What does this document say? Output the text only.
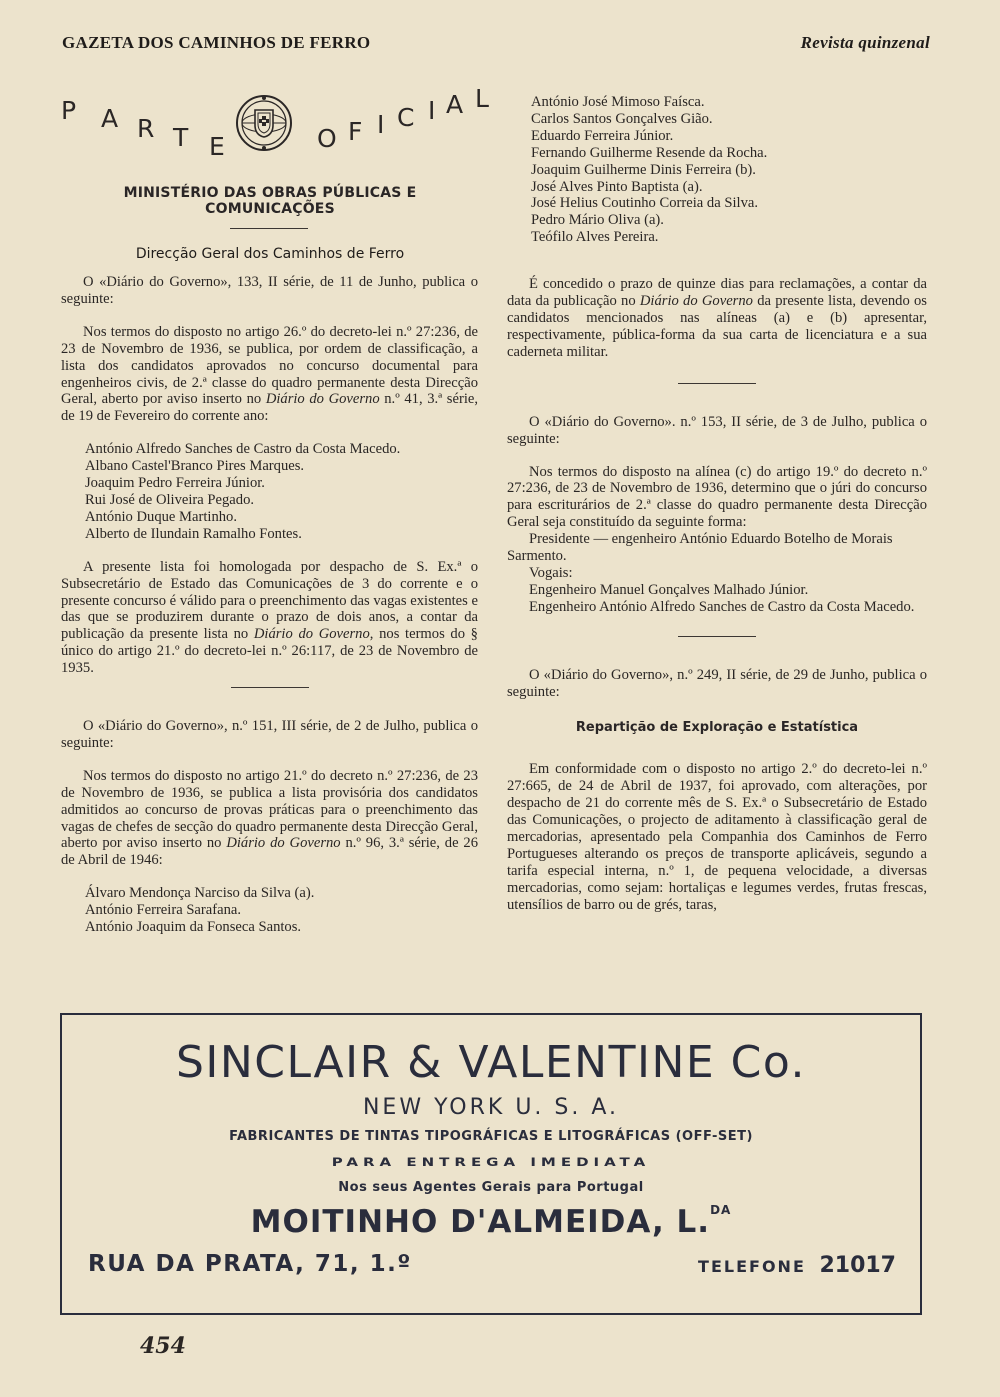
GAZETA DOS CAMINHOS DE FERRO	Revista quinzenal
P A R T E	O F I C I A L
MINISTÉRIO DAS OBRAS PÚBLICAS E COMUNICAÇÕES
Direcção Geral dos Caminhos de Ferro

O «Diário do Governo», 133, II série, de 11 de Junho, publica o seguinte:

Nos termos do disposto no artigo 26.º do decreto-lei n.º 27:236, de 23 de Novembro de 1936, se publica, por ordem de classificação, a lista dos candidatos aprovados no concurso documental para engenheiros civis, de 2.ª classe do quadro permanente desta Direcção Geral, aberto por aviso inserto no Diário do Governo n.º 41, 3.ª série, de 19 de Fevereiro do corrente ano:

António Alfredo Sanches de Castro da Costa Macedo.
Albano Castel'Branco Pires Marques.
Joaquim Pedro Ferreira Júnior.
Rui José de Oliveira Pegado.
António Duque Martinho.
Alberto de Ilundain Ramalho Fontes.

A presente lista foi homologada por despacho de S. Ex.ª o Subsecretário de Estado das Comunicações de 3 do corrente e o presente concurso é válido para o preenchimento das vagas existentes e das que se produzirem durante o prazo de dois anos, a contar da publicação da presente lista no Diário do Governo, nos termos do § único do artigo 21.º do decreto-lei n.º 26:117, de 23 de Novembro de 1935.

O «Diário do Governo», n.º 151, III série, de 2 de Julho, publica o seguinte:

Nos termos do disposto no artigo 21.º do decreto n.º 27:236, de 23 de Novembro de 1936, se publica a lista provisória dos candidatos admitidos ao concurso de provas práticas para o preenchimento das vagas de chefes de secção do quadro permanente desta Direcção Geral, aberto por aviso inserto no Diário do Governo n.º 96, 3.ª série, de 26 de Abril de 1946:

Álvaro Mendonça Narciso da Silva (a).
António Ferreira Sarafana.
António Joaquim da Fonseca Santos.
António José Mimoso Faísca.
Carlos Santos Gonçalves Gião.
Eduardo Ferreira Júnior.
Fernando Guilherme Resende da Rocha.
Joaquim Guilherme Dinis Ferreira (b).
José Alves Pinto Baptista (a).
José Helius Coutinho Correia da Silva.
Pedro Mário Oliva (a).
Teófilo Alves Pereira.

É concedido o prazo de quinze dias para reclamações, a contar da data da publicação no Diário do Governo da presente lista, devendo os candidatos mencionados nas alíneas (a) e (b) apresentar, respectivamente, pública-forma da sua carta de licenciatura e a sua caderneta militar.

O «Diário do Governo». n.º 153, II série, de 3 de Julho, publica o seguinte:

Nos termos do disposto na alínea (c) do artigo 19.º do decreto n.º 27:236, de 23 de Novembro de 1936, determino que o júri do concurso para escriturários de 2.ª classe do quadro permanente desta Direcção Geral seja constituído da seguinte forma:

Presidente — engenheiro António Eduardo Botelho de Morais Sarmento.
Vogais:
Engenheiro Manuel Gonçalves Malhado Júnior.
Engenheiro António Alfredo Sanches de Castro da Costa Macedo.

O «Diário do Governo», n.º 249, II série, de 29 de Junho, publica o seguinte:

Repartição de Exploração e Estatística

Em conformidade com o disposto no artigo 2.º do decreto-lei n.º 27:665, de 24 de Abril de 1937, foi aprovado, com alterações, por despacho de 21 do corrente mês de S. Ex.ª o Subsecretário de Estado das Comunicações, o projecto de aditamento à classificação geral de mercadorias, apresentado pela Companhia dos Caminhos de Ferro Portugueses alterando os preços de transporte aplicáveis, segundo a tarifa especial interna, n.º 1, de pequena velocidade, a diversas mercadorias, como sejam: hortaliças e legumes verdes, frutas frescas, utensílios de barro ou de grés, taras,

SINCLAIR & VALENTINE Co.
NEW YORK U. S. A.
FABRICANTES DE TINTAS TIPOGRÁFICAS E LITOGRÁFICAS (OFF-SET)
PARA ENTREGA IMEDIATA
Nos seus Agentes Gerais para Portugal
MOITINHO D'ALMEIDA, L.$^{DA}$
RUA DA PRATA, 71, 1.º	TELEFONE 21017
454
